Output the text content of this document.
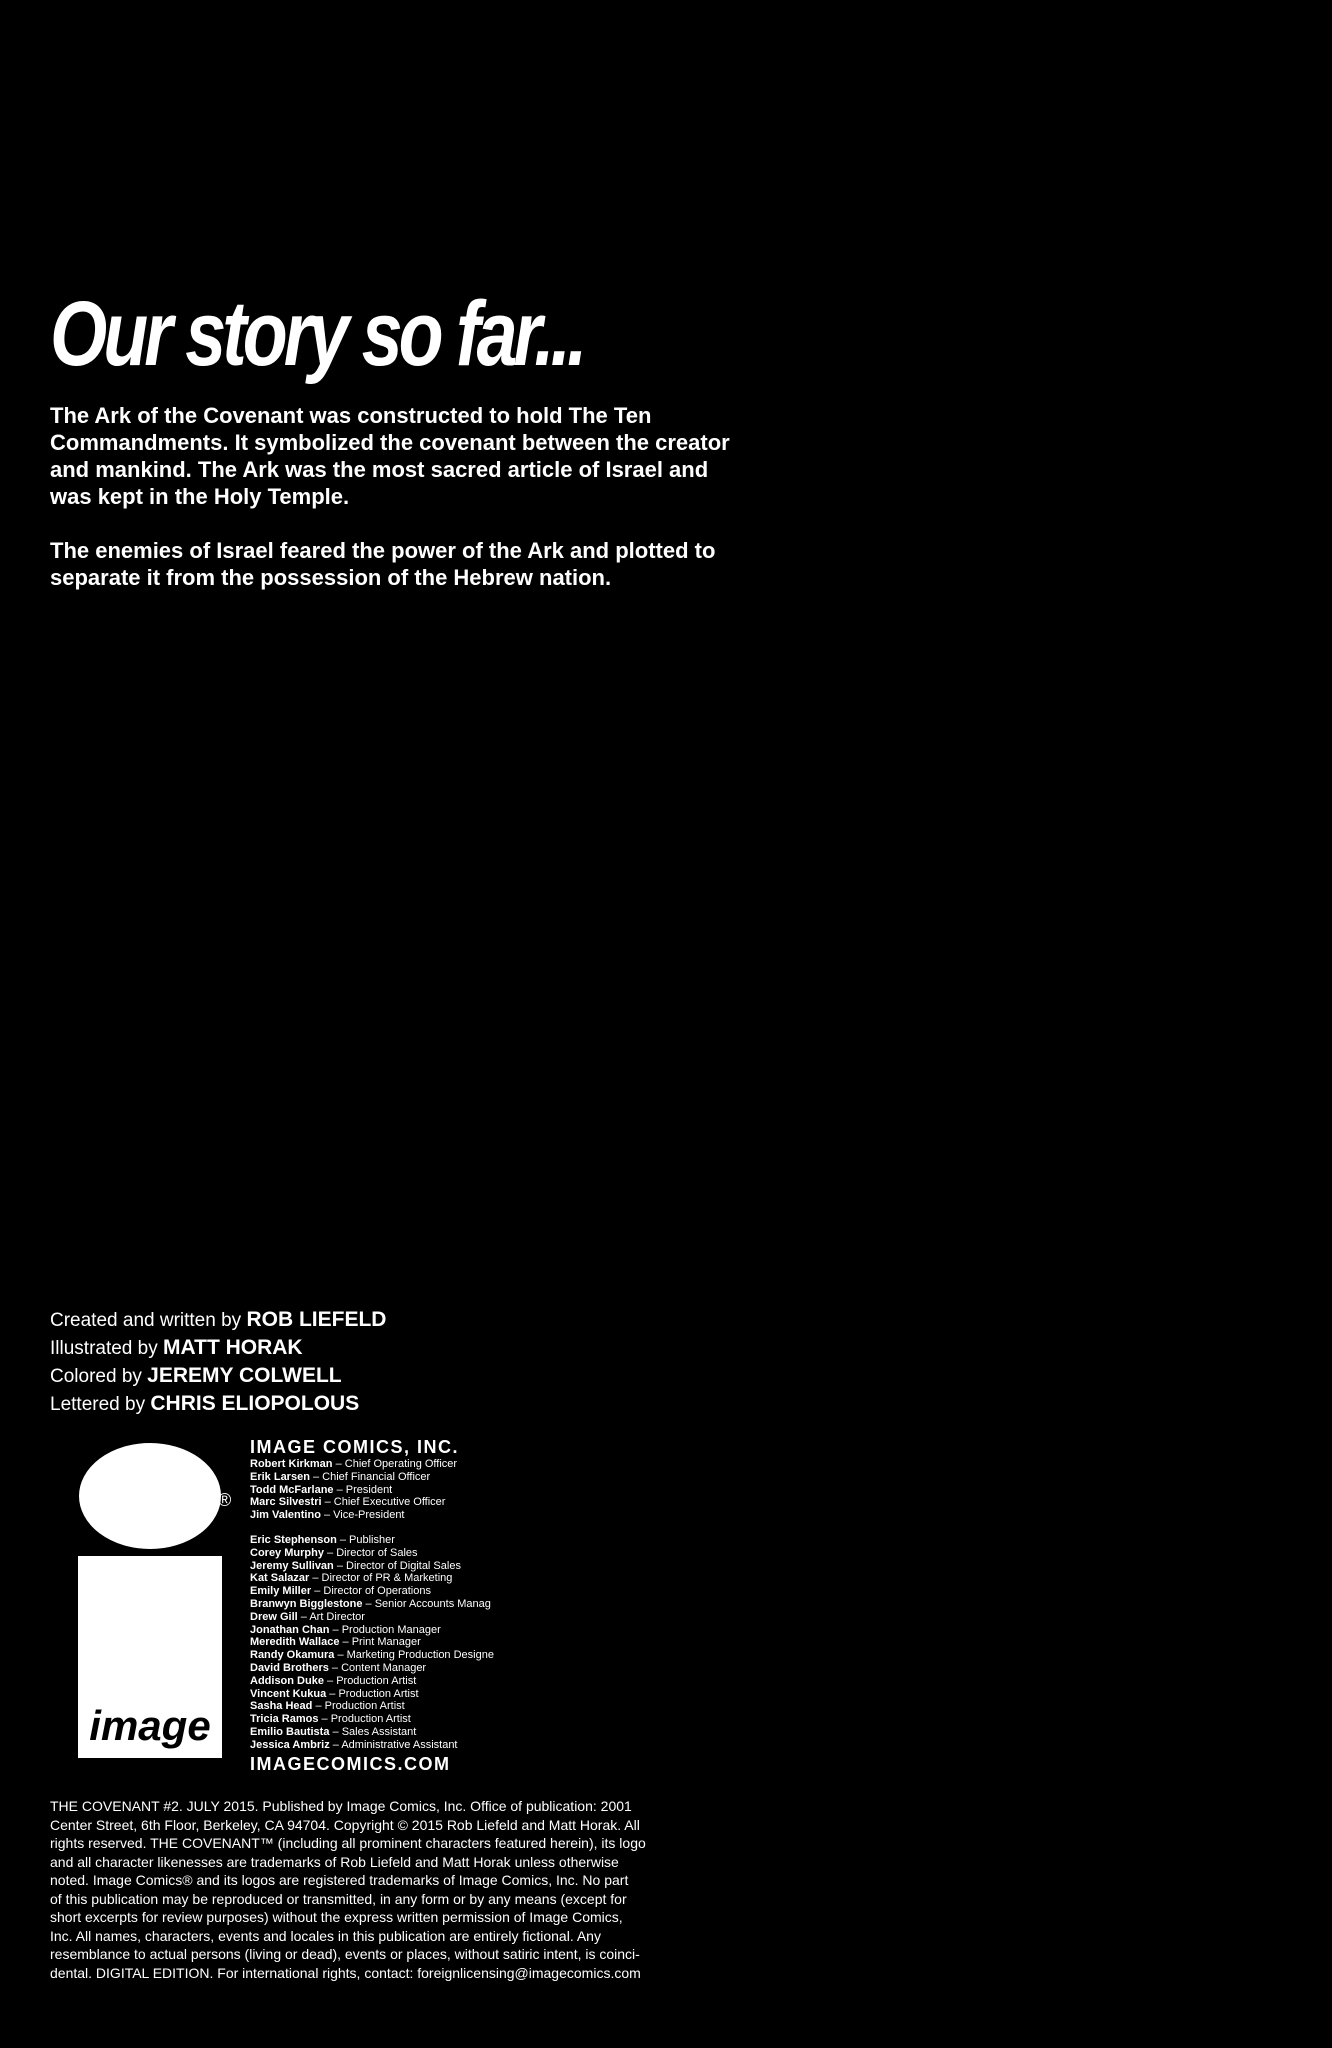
Our story so far...

The Ark of the Covenant was constructed to hold The Ten Commandments. It symbolized the covenant between the creator and mankind. The Ark was the most sacred article of Israel and was kept in the Holy Temple.

The enemies of Israel feared the power of the Ark and plotted to separate it from the possession of the Hebrew nation.

Created and written by ROB LIEFELD
Illustrated by MATT HORAK
Colored by JEREMY COLWELL
Lettered by CHRIS ELIOPOLOUS
image
®
IMAGE COMICS, INC.
Robert Kirkman – Chief Operating Officer
Erik Larsen – Chief Financial Officer
Todd McFarlane – President
Marc Silvestri – Chief Executive Officer
Jim Valentino – Vice-President
Eric Stephenson – Publisher
Corey Murphy – Director of Sales
Jeremy Sullivan – Director of Digital Sales
Kat Salazar – Director of PR & Marketing
Emily Miller – Director of Operations
Branwyn Bigglestone – Senior Accounts Manag
Drew Gill – Art Director
Jonathan Chan – Production Manager
Meredith Wallace – Print Manager
Randy Okamura – Marketing Production Designe
David Brothers – Content Manager
Addison Duke – Production Artist
Vincent Kukua – Production Artist
Sasha Head – Production Artist
Tricia Ramos – Production Artist
Emilio Bautista – Sales Assistant
Jessica Ambriz – Administrative Assistant
IMAGECOMICS.COM
THE COVENANT #2. JULY 2015. Published by Image Comics, Inc. Office of publication: 2001
Center Street, 6th Floor, Berkeley, CA 94704. Copyright © 2015 Rob Liefeld and Matt Horak. All
rights reserved. THE COVENANT™ (including all prominent characters featured herein), its logo
and all character likenesses are trademarks of Rob Liefeld and Matt Horak unless otherwise
noted. Image Comics® and its logos are registered trademarks of Image Comics, Inc. No part
of this publication may be reproduced or transmitted, in any form or by any means (except for
short excerpts for review purposes) without the express written permission of Image Comics,
Inc. All names, characters, events and locales in this publication are entirely fictional. Any
resemblance to actual persons (living or dead), events or places, without satiric intent, is coinci-
dental. DIGITAL EDITION. For international rights, contact: foreignlicensing@imagecomics.com
